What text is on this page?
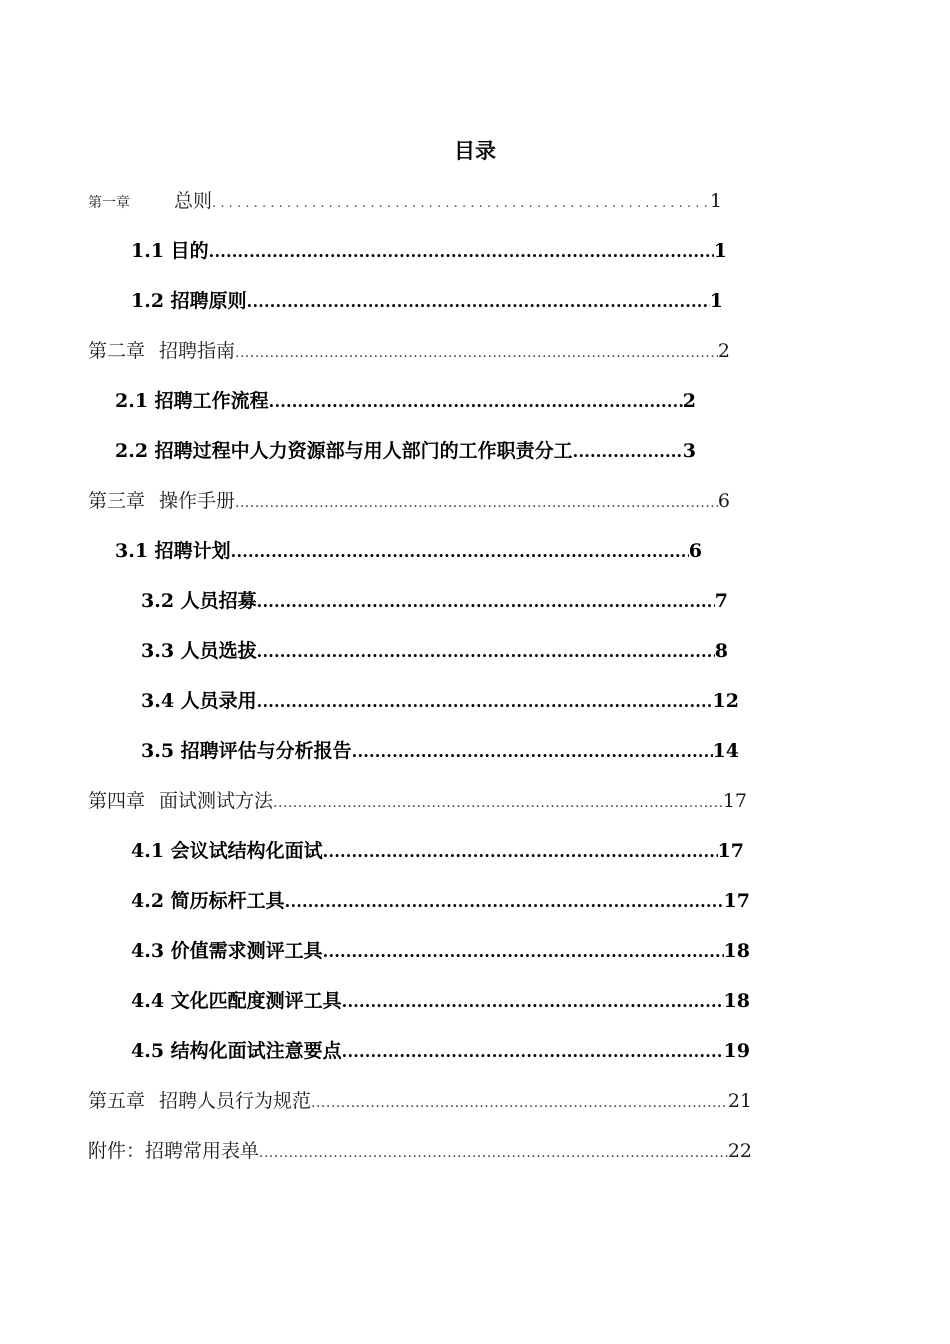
目录
第一章 总则 .....	1
1.1 目的 .....	1
1.2 招聘原则 .....	1
第二章 招聘指南 .....	2
2.1 招聘工作流程 .....	2
2.2 招聘过程中人力资源部与用人部门的工作职责分工 .....	3
第三章 操作手册 .....	6
3.1 招聘计划 .....	6
3.2 人员招募 .....	7
3.3 人员选拔 .....	8
3.4 人员录用 .....	12
3.5 招聘评估与分析报告 .....	14
第四章 面试测试方法 .....	17
4.1 会议试结构化面试 .....	17
4.2 简历标杆工具 .....	17
4.3 价值需求测评工具 .....	18
4.4 文化匹配度测评工具 .....	18
4.5 结构化面试注意要点 .....	19
第五章 招聘人员行为规范 .....	21
附件：招聘常用表单 .....	22
